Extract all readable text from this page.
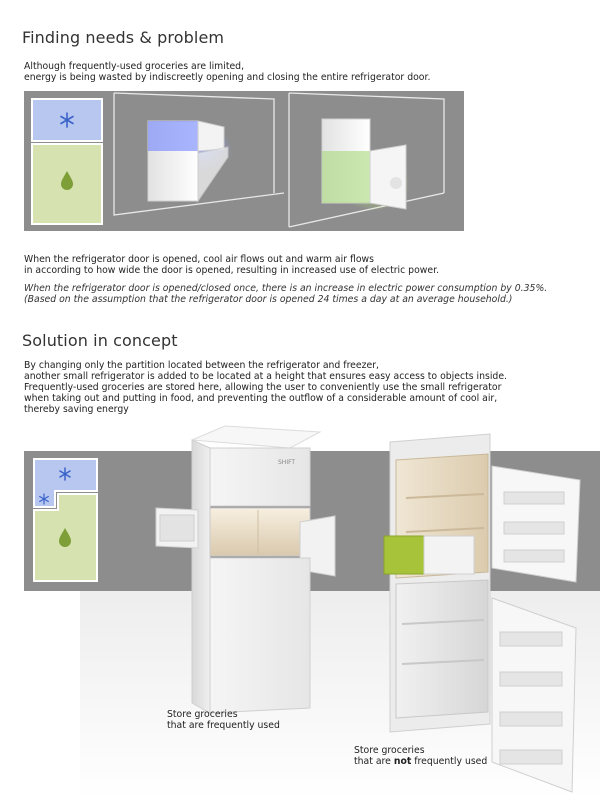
Finding needs & problem
Although frequently-used groceries are limited,
energy is being wasted by indiscreetly opening and closing the entire refrigerator door.
When the refrigerator door is opened, cool air flows out and warm air flows
in according to how wide the door is opened, resulting in increased use of electric power.
When the refrigerator door is opened/closed once, there is an increase in electric power consumption by 0.35%.
(Based on the assumption that the refrigerator door is opened 24 times a day at an average household.)
Solution in concept
By changing only the partition located between the refrigerator and freezer,
another small refrigerator is added to be located at a height that ensures easy access to objects inside.
Frequently-used groceries are stored here, allowing the user to conveniently use the small refrigerator
when taking out and putting in food, and preventing the outflow of a considerable amount of cool air,
thereby saving energy
SHIFT
Store groceries
that are frequently used
Store groceries
that are not frequently used
